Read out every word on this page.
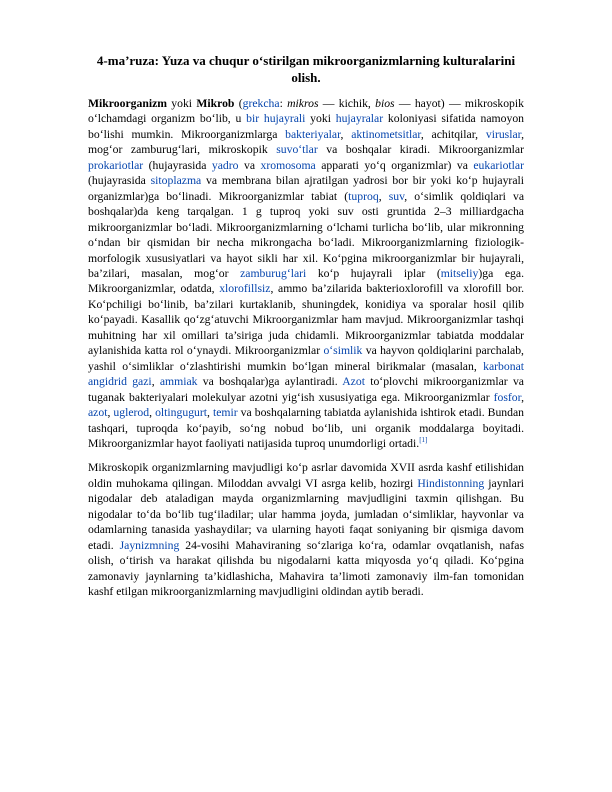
4-ma’ruza: Yuza va chuqur o‘stirilgan mikroorganizmlarning kulturalarini olish.

Mikroorganizm yoki Mikrob (grekcha: mikros — kichik, bios — hayot) — mikroskopik o‘lchamdagi organizm bo‘lib, u bir hujayrali yoki hujayralar koloniyasi sifatida namoyon bo‘lishi mumkin. Mikroorganizmlarga bakteriyalar, aktinometsitlar, achitqilar, viruslar, mog‘or zamburug‘lari, mikroskopik suvo‘tlar va boshqalar kiradi. Mikroorganizmlar prokariotlar (hujayrasida yadro va xromosoma apparati yo‘q organizmlar) va eukariotlar (hujayrasida sitoplazma va membrana bilan ajratilgan yadrosi bor bir yoki ko‘p hujayrali organizmlar)ga bo‘linadi. Mikroorganizmlar tabiat (tuproq, suv, o‘simlik qoldiqlari va boshqalar)da keng tarqalgan. 1 g tuproq yoki suv osti gruntida 2–3 milliardgacha mikroorganizmlar bo‘ladi. Mikroorganizmlarning o‘lchami turlicha bo‘lib, ular mikronning o‘ndan bir qismidan bir necha mikrongacha bo‘ladi. Mikroorganizmlarning fiziologik-morfologik xususiyatlari va hayot sikli har xil. Ko‘pgina mikroorganizmlar bir hujayrali, ba’zilari, masalan, mog‘or zamburug‘lari ko‘p hujayrali iplar (mitseliy)ga ega. Mikroorganizmlar, odatda, xlorofillsiz, ammo ba’zilarida bakterioxlorofill va xlorofill bor. Ko‘pchiligi bo‘linib, ba’zilari kurtaklanib, shuningdek, konidiya va sporalar hosil qilib ko‘payadi. Kasallik qo‘zg‘atuvchi Mikroorganizmlar ham mavjud. Mikroorganizmlar tashqi muhitning har xil omillari ta’siriga juda chidamli. Mikroorganizmlar tabiatda moddalar aylanishida katta rol o‘ynaydi. Mikroorganizmlar o‘simlik va hayvon qoldiqlarini parchalab, yashil o‘simliklar o‘zlashtirishi mumkin bo‘lgan mineral birikmalar (masalan, karbonat angidrid gazi, ammiak va boshqalar)ga aylantiradi. Azot to‘plovchi mikroorganizmlar va tuganak bakteriyalari molekulyar azotni yig‘ish xususiyatiga ega. Mikroorganizmlar fosfor, azot, uglerod, oltingugurt, temir va boshqalarning tabiatda aylanishida ishtirok etadi. Bundan tashqari, tuproqda ko‘payib, so‘ng nobud bo‘lib, uni organik moddalarga boyitadi. Mikroorganizmlar hayot faoliyati natijasida tuproq unumdorligi ortadi.[1]

Mikroskopik organizmlarning mavjudligi ko‘p asrlar davomida XVII asrda kashf etilishidan oldin muhokama qilingan. Miloddan avvalgi VI asrga kelib, hozirgi Hindistonning jaynlari nigodalar deb ataladigan mayda organizmlarning mavjudligini taxmin qilishgan. Bu nigodalar to‘da bo‘lib tug‘iladilar; ular hamma joyda, jumladan o‘simliklar, hayvonlar va odamlarning tanasida yashaydilar; va ularning hayoti faqat soniyaning bir qismiga davom etadi. Jaynizmning 24-vosihi Mahaviraning so‘zlariga ko‘ra, odamlar ovqatlanish, nafas olish, o‘tirish va harakat qilishda bu nigodalarni katta miqyosda yo‘q qiladi. Ko‘pgina zamonaviy jaynlarning ta’kidlashicha, Mahavira ta’limoti zamonaviy ilm-fan tomonidan kashf etilgan mikroorganizmlarning mavjudligini oldindan aytib beradi.
